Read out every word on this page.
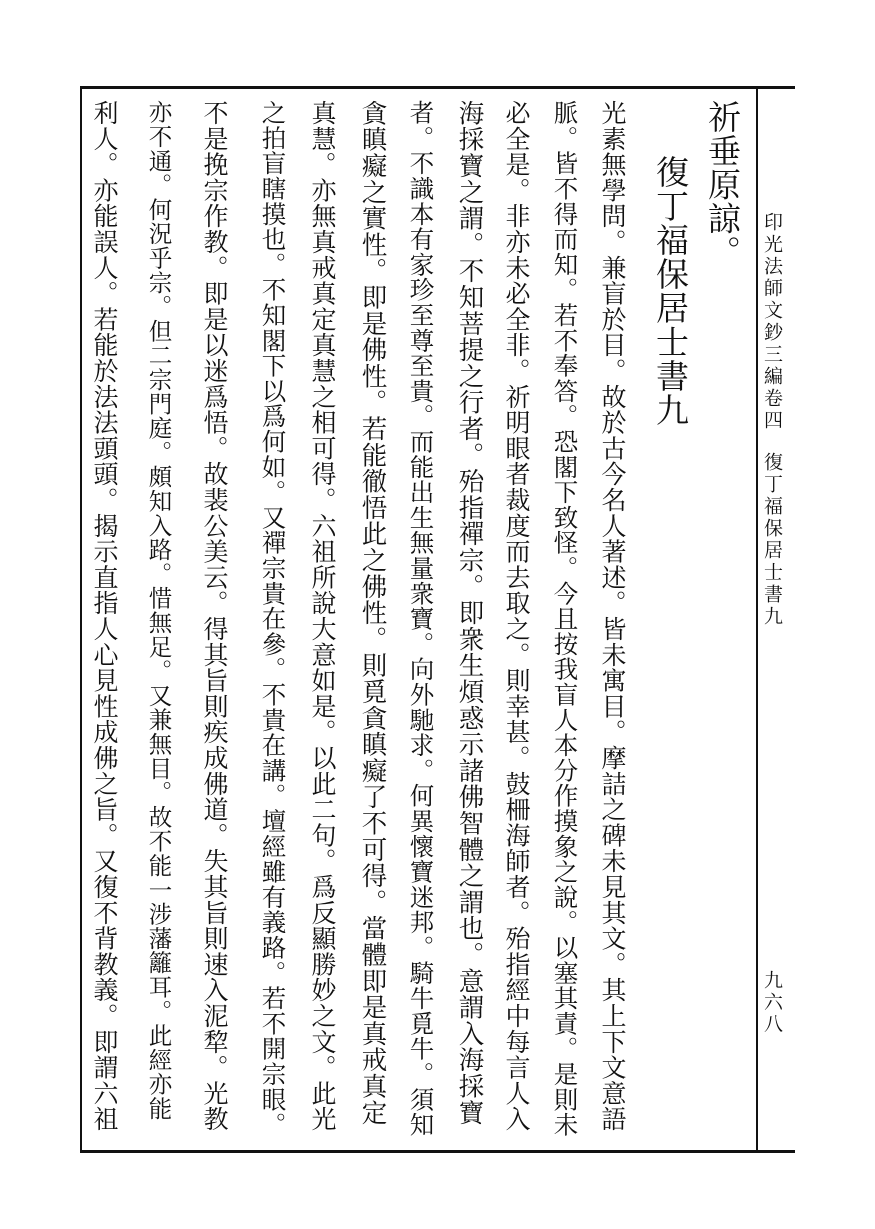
印光法師文鈔三編卷四
復丁福保居士書九
九六八
祈垂原諒。
復丁福保居士書九
光素無學問。兼盲於目。故於古今名人著述。皆未寓目。摩詰之碑未見其文。其上下文意語
脈。皆不得而知。若不奉答。恐閣下致怪。今且按我盲人本分作摸象之說。以塞其責。是則未
必全是。非亦未必全非。祈明眼者裁度而去取之。則幸甚。鼓柵海師者。殆指經中每言人入
海採寶之謂。不知菩提之行者。殆指禪宗。即衆生煩惑示諸佛智體之謂也。意謂入海採寶
者。不識本有家珍至尊至貴。而能出生無量衆寶。向外馳求。何異懷寶迷邦。騎牛覓牛。須知
貪瞋癡之實性。即是佛性。若能徹悟此之佛性。則覓貪瞋癡了不可得。當體即是真戒真定
真慧。亦無真戒真定真慧之相可得。六祖所說大意如是。以此二句。爲反顯勝妙之文。此光
之拍盲瞎摸也。不知閣下以爲何如。又禪宗貴在參。不貴在講。壇經雖有義路。若不開宗眼。
不是挽宗作教。即是以迷爲悟。故裴公美云。得其旨則疾成佛道。失其旨則速入泥犂。光教
亦不通。何況乎宗。但二宗門庭。頗知入路。惜無足。又兼無目。故不能一涉藩籬耳。此經亦能
利人。亦能誤人。若能於法法頭頭。揭示直指人心見性成佛之旨。又復不背教義。即謂六祖
